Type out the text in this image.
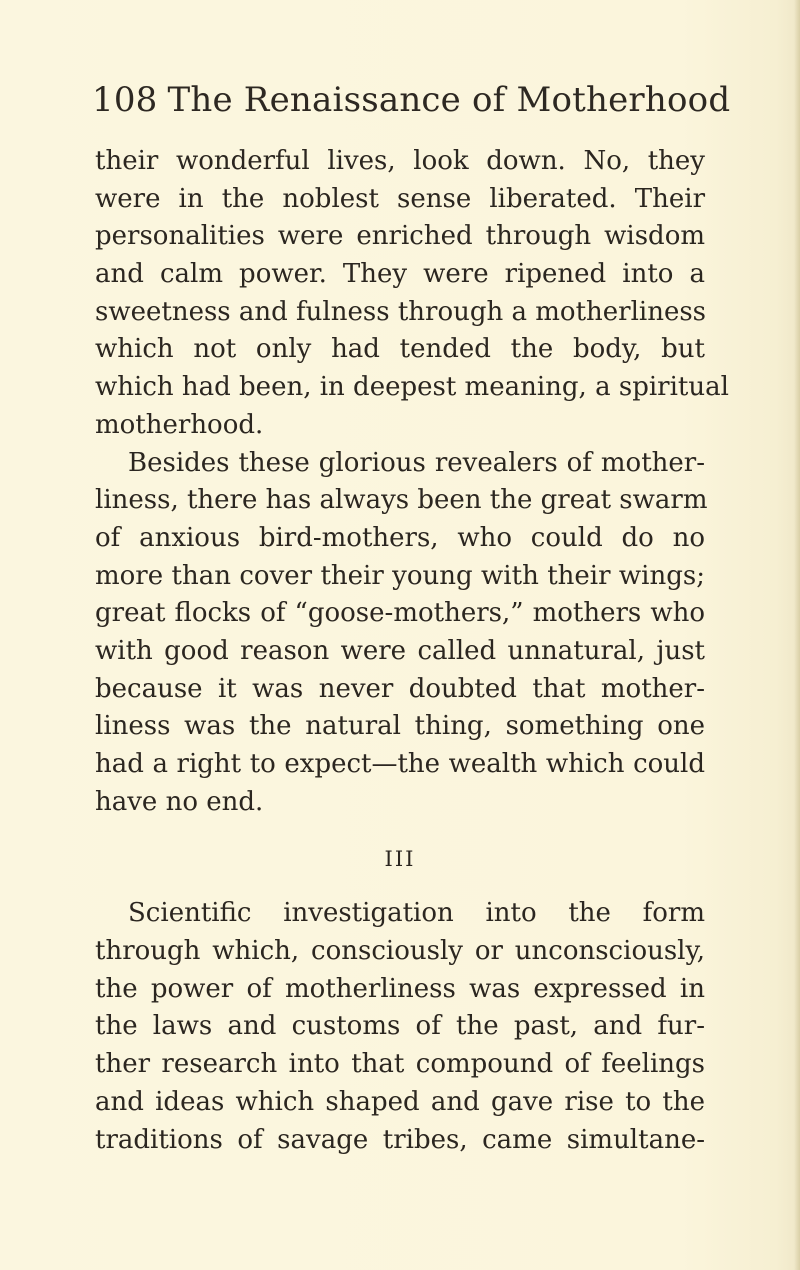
108 The Renaissance of Motherhood
their wonderful lives, look down. No, they
were in the noblest sense liberated. Their
personalities were enriched through wisdom
and calm power. They were ripened into a
sweetness and fulness through a motherliness
which not only had tended the body, but
which had been, in deepest meaning, a spiritual
motherhood.
Besides these glorious revealers of mother-
liness, there has always been the great swarm
of anxious bird-mothers, who could do no
more than cover their young with their wings;
great flocks of “goose-mothers,” mothers who
with good reason were called unnatural, just
because it was never doubted that mother-
liness was the natural thing, something one
had a right to expect—the wealth which could
have no end.
III
Scientific investigation into the form
through which, consciously or unconsciously,
the power of motherliness was expressed in
the laws and customs of the past, and fur-
ther research into that compound of feelings
and ideas which shaped and gave rise to the
traditions of savage tribes, came simultane-
